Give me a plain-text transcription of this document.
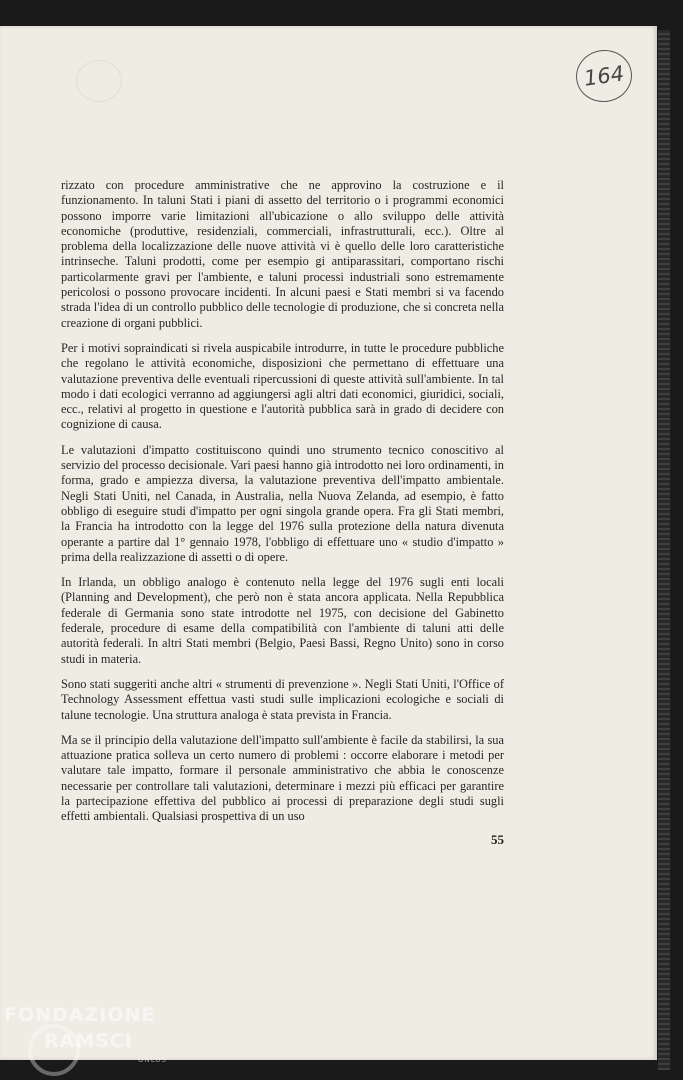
164

rizzato con procedure amministrative che ne approvino la costruzione e il funzionamento. In taluni Stati i piani di assetto del territorio o i programmi economici possono imporre varie limitazioni all'ubicazione o allo sviluppo delle attività economiche (produttive, residenziali, commerciali, infrastrutturali, ecc.). Oltre al problema della localizzazione delle nuove attività vi è quello delle loro caratteristiche intrinseche. Taluni prodotti, come per esempio gi antiparassitari, comportano rischi particolarmente gravi per l'ambiente, e taluni processi industriali sono estremamente pericolosi o possono provocare incidenti. In alcuni paesi e Stati membri si va facendo strada l'idea di un controllo pubblico delle tecnologie di produzione, che si concreta nella creazione di organi pubblici.

Per i motivi sopraindicati si rivela auspicabile introdurre, in tutte le procedure pubbliche che regolano le attività economiche, disposizioni che permettano di effettuare una valutazione preventiva delle eventuali ripercussioni di queste attività sull'ambiente. In tal modo i dati ecologici verranno ad aggiungersi agli altri dati economici, giuridici, sociali, ecc., relativi al progetto in questione e l'autorità pubblica sarà in grado di decidere con cognizione di causa.

Le valutazioni d'impatto costituiscono quindi uno strumento tecnico conoscitivo al servizio del processo decisionale. Vari paesi hanno già introdotto nei loro ordinamenti, in forma, grado e ampiezza diversa, la valutazione preventiva dell'impatto ambientale. Negli Stati Uniti, nel Canada, in Australia, nella Nuova Zelanda, ad esempio, è fatto obbligo di eseguire studi d'impatto per ogni singola grande opera. Fra gli Stati membri, la Francia ha introdotto con la legge del 1976 sulla protezione della natura divenuta operante a partire dal 1° gennaio 1978, l'obbligo di effettuare uno « studio d'impatto » prima della realizzazione di assetti o di opere.

In Irlanda, un obbligo analogo è contenuto nella legge del 1976 sugli enti locali (Planning and Development), che però non è stata ancora applicata. Nella Repubblica federale di Germania sono state introdotte nel 1975, con decisione del Gabinetto federale, procedure di esame della compatibilità con l'ambiente di taluni atti delle autorità federali. In altri Stati membri (Belgio, Paesi Bassi, Regno Unito) sono in corso studi in materia.

Sono stati suggeriti anche altri « strumenti di prevenzione ». Negli Stati Uniti, l'Office of Technology Assessment effettua vasti studi sulle implicazioni ecologiche e sociali di talune tecnologie. Una struttura analoga è stata prevista in Francia.

Ma se il principio della valutazione dell'impatto sull'ambiente è facile da stabilirsi, la sua attuazione pratica solleva un certo numero di problemi : occorre elaborare i metodi per valutare tale impatto, formare il personale amministrativo che abbia le conoscenze necessarie per controllare tali valutazioni, determinare i mezzi più efficaci per garantire la partecipazione effettiva del pubblico ai processi di preparazione degli studi sugli effetti ambientali. Qualsiasi prospettiva di un uso

55
FONDAZIONE
RAMSCI
ONLUS
